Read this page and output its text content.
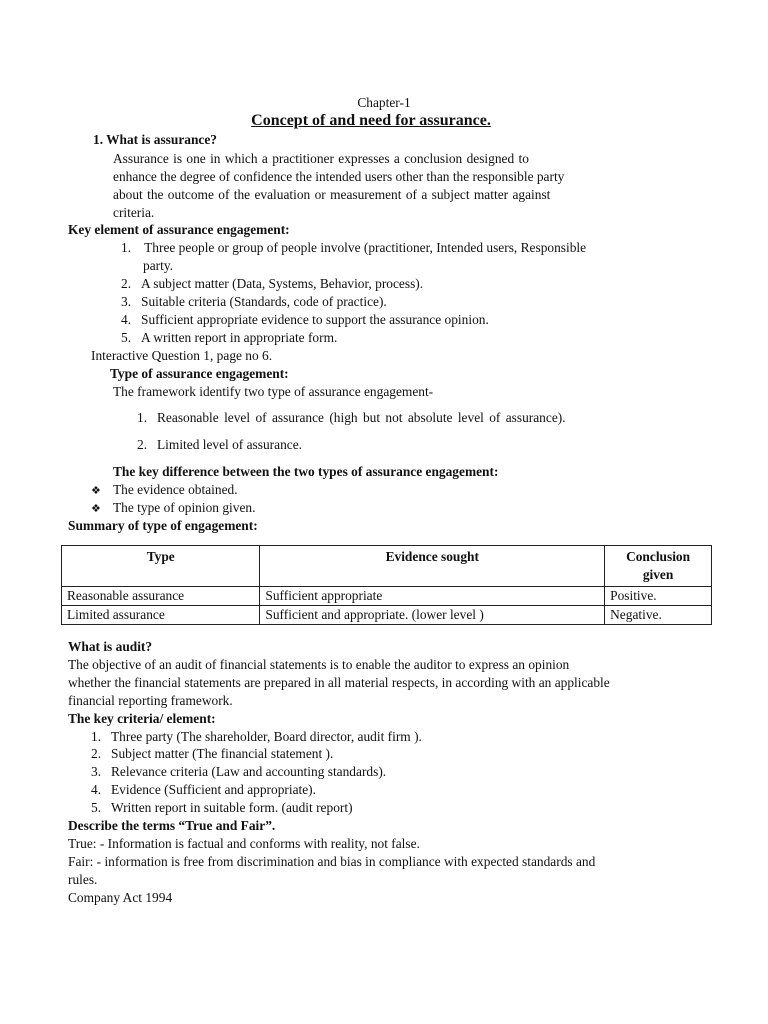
Chapter-1
Concept of and need for assurance.
1. What is assurance?
Assurance is one in which a practitioner expresses a conclusion designed to
enhance the degree of confidence the intended users other than the responsible party
about the outcome of the evaluation or measurement of a subject matter against
criteria.
Key element of assurance engagement:
1. Three people or group of people involve (practitioner, Intended users, Responsible
party.
2. A subject matter (Data, Systems, Behavior, process).
3. Suitable criteria (Standards, code of practice).
4. Sufficient appropriate evidence to support the assurance opinion.
5. A written report in appropriate form.
Interactive Question 1, page no 6.
Type of assurance engagement:
The framework identify two type of assurance engagement-
1. Reasonable level of assurance (high but not absolute level of assurance).
2. Limited level of assurance.
The key difference between the two types of assurance engagement:
❖ The evidence obtained.
❖ The type of opinion given.
Summary of type of engagement:
Type	Evidence sought	Conclusion given
Reasonable assurance	Sufficient appropriate	Positive.
Limited assurance	Sufficient and appropriate. (lower level )	Negative.
What is audit?
The objective of an audit of financial statements is to enable the auditor to express an opinion
whether the financial statements are prepared in all material respects, in according with an applicable
financial reporting framework.
The key criteria/ element:
1. Three party (The shareholder, Board director, audit firm ).
2. Subject matter (The financial statement ).
3. Relevance criteria (Law and accounting standards).
4. Evidence (Sufficient and appropriate).
5. Written report in suitable form. (audit report)
Describe the terms “True and Fair”.
True: - Information is factual and conforms with reality, not false.
Fair: - information is free from discrimination and bias in compliance with expected standards and
rules.
Company Act 1994
